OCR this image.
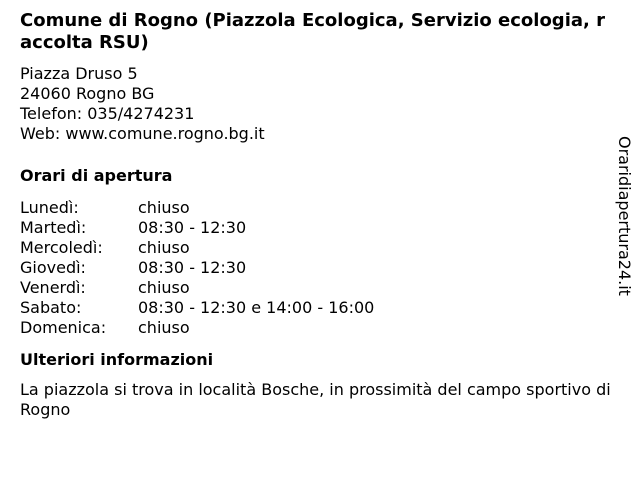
Comune di Rogno (Piazzola Ecologica, Servizio ecologia, raccolta RSU)
Piazza Druso 5
24060 Rogno BG
Telefon: 035/4274231
Web: www.comune.rogno.bg.it
Orari di apertura
Lunedì:	chiuso
Martedì:	08:30 - 12:30
Mercoledì:	chiuso
Giovedì:	08:30 - 12:30
Venerdì:	chiuso
Sabato:	08:30 - 12:30 e 14:00 - 16:00
Domenica:	chiuso
Ulteriori informazioni
La piazzola si trova in località Bosche, in prossimità del campo sportivo di Rogno
Oraridiapertura24.it
